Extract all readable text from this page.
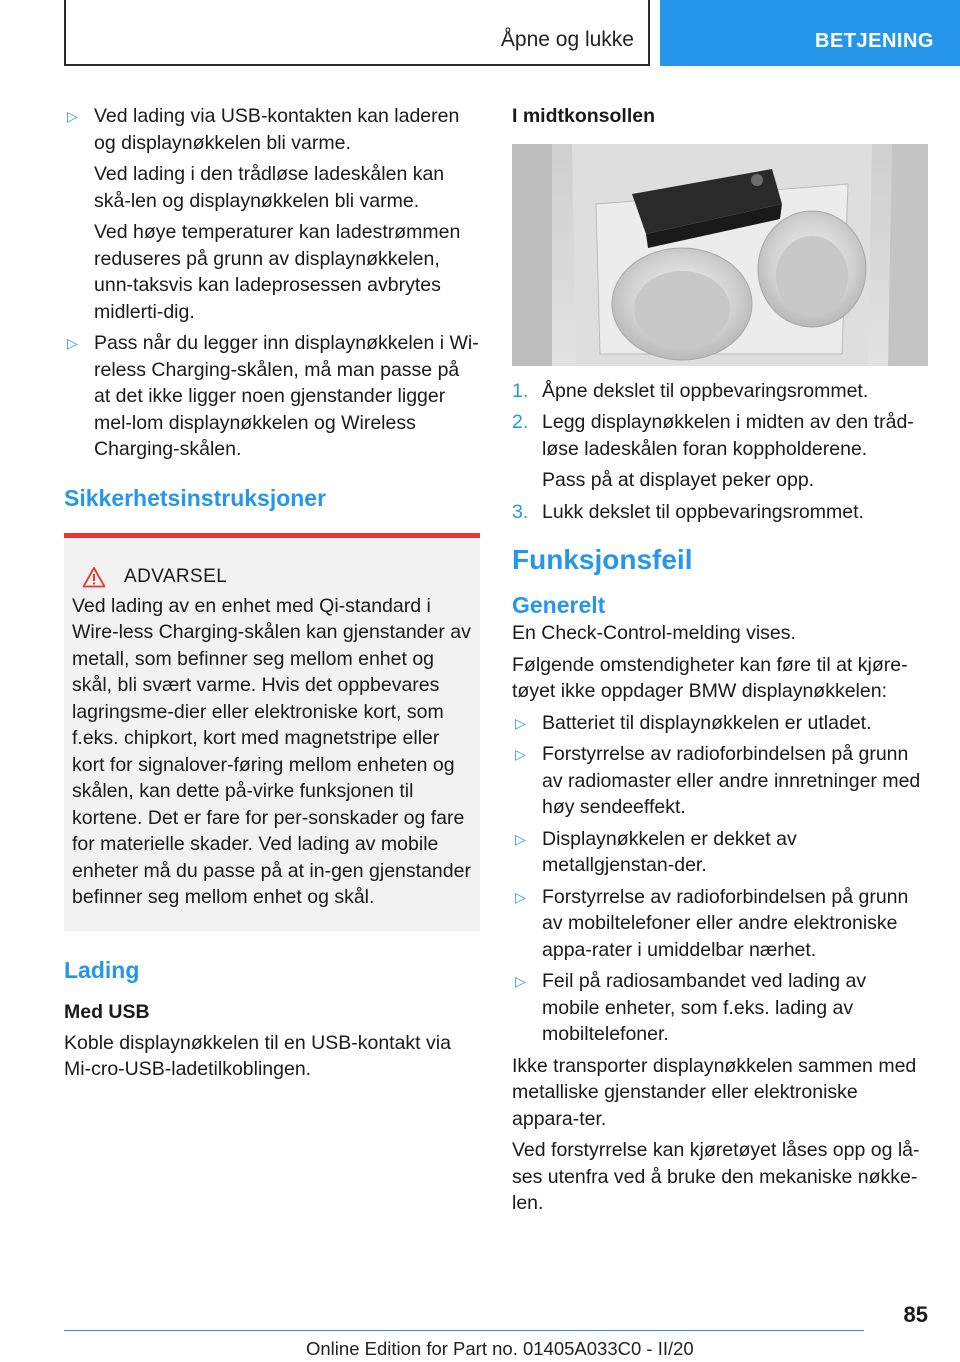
Åpne og lukke	BETJENING
▷ Ved lading via USB-kontakten kan laderen og displaynøkkelen bli varme.

Ved lading i den trådløse ladeskålen kan skå-len og displaynøkkelen bli varme.

Ved høye temperaturer kan ladestrømmen reduseres på grunn av displaynøkkelen, unn-taksvis kan ladeprosessen avbrytes midlerti-dig.

▷ Pass når du legger inn displaynøkkelen i Wi-reless Charging-skålen, må man passe på at det ikke ligger noen gjenstander ligger mel-lom displaynøkkelen og Wireless Charging-skålen.

Sikkerhetsinstruksjoner
ADVARSEL

Ved lading av en enhet med Qi-standard i Wire-less Charging-skålen kan gjenstander av metall, som befinner seg mellom enhet og skål, bli svært varme. Hvis det oppbevares lagringsme-dier eller elektroniske kort, som f.eks. chipkort, kort med magnetstripe eller kort for signalover-føring mellom enheten og skålen, kan dette på-virke funksjonen til kortene. Det er fare for per-sonskader og fare for materielle skader. Ved lading av mobile enheter må du passe på at in-gen gjenstander befinner seg mellom enhet og skål.

Lading
Med USB

Koble displaynøkkelen til en USB-kontakt via Mi-cro-USB-ladetilkoblingen.

I midtkonsollen
1. Åpne dekslet til oppbevaringsrommet.

2. Legg displaynøkkelen i midten av den tråd-løse ladeskålen foran koppholderene.

Pass på at displayet peker opp.

3. Lukk dekslet til oppbevaringsrommet.

Funksjonsfeil
Generelt

En Check-Control-melding vises.

Følgende omstendigheter kan føre til at kjøre-tøyet ikke oppdager BMW displaynøkkelen:

▷ Batteriet til displaynøkkelen er utladet.

▷ Forstyrrelse av radioforbindelsen på grunn av radiomaster eller andre innretninger med høy sendeeffekt.

▷ Displaynøkkelen er dekket av metallgjenstan-der.

▷ Forstyrrelse av radioforbindelsen på grunn av mobiltelefoner eller andre elektroniske appa-rater i umiddelbar nærhet.

▷ Feil på radiosambandet ved lading av mobile enheter, som f.eks. lading av mobiltelefoner.

Ikke transporter displaynøkkelen sammen med metalliske gjenstander eller elektroniske appara-ter.

Ved forstyrrelse kan kjøretøyet låses opp og lå-ses utenfra ved å bruke den mekaniske nøkke-len.

85
Online Edition for Part no. 01405A033C0 - II/20
